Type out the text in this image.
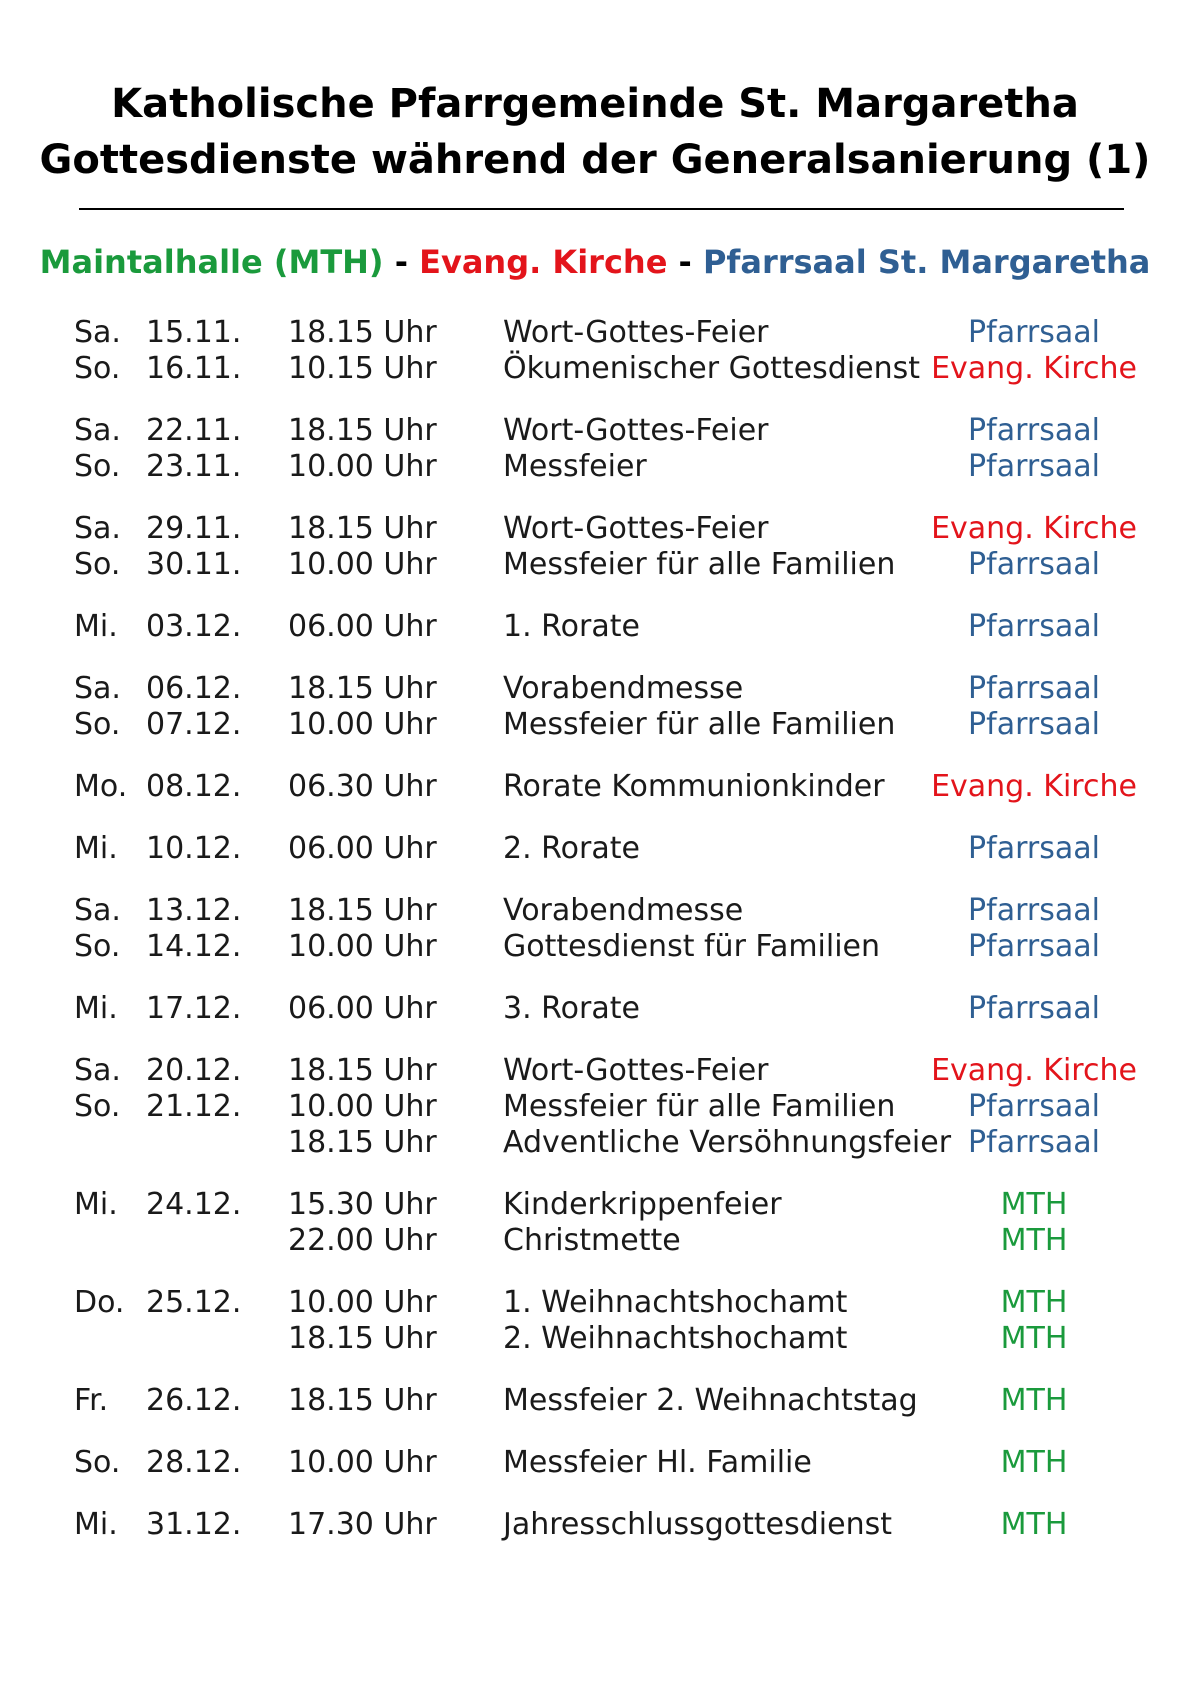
Katholische Pfarrgemeinde St. Margaretha
Gottesdienste während der Generalsanierung (1)
Maintalhalle (MTH) - Evang. Kirche - Pfarrsaal St. Margaretha
Sa. 15.11. 18.15 Uhr Wort-Gottes-Feier	Pfarrsaal
So. 16.11. 10.15 Uhr Ökumenischer Gottesdienst Evang. Kirche
Sa. 22.11. 18.15 Uhr Wort-Gottes-Feier	Pfarrsaal
So. 23.11. 10.00 Uhr Messfeier	Pfarrsaal
Sa. 29.11. 18.15 Uhr Wort-Gottes-Feier	Evang. Kirche
So. 30.11. 10.00 Uhr Messfeier für alle Familien Pfarrsaal
Mi. 03.12. 06.00 Uhr 1. Rorate	Pfarrsaal
Sa. 06.12. 18.15 Uhr Vorabendmesse	Pfarrsaal
So. 07.12. 10.00 Uhr Messfeier für alle Familien Pfarrsaal
Mo. 08.12. 06.30 Uhr Rorate Kommunionkinder Evang. Kirche
Mi. 10.12. 06.00 Uhr 2. Rorate	Pfarrsaal
Sa. 13.12. 18.15 Uhr Vorabendmesse	Pfarrsaal
So. 14.12. 10.00 Uhr Gottesdienst für Familien	Pfarrsaal
Mi. 17.12. 06.00 Uhr 3. Rorate	Pfarrsaal
Sa. 20.12. 18.15 Uhr Wort-Gottes-Feier	Evang. Kirche
So. 21.12. 10.00 Uhr Messfeier für alle Familien Pfarrsaal
18.15 Uhr Adventliche Versöhnungsfeier Pfarrsaal
Mi. 24.12. 15.30 Uhr Kinderkrippenfeier	MTH
22.00 Uhr Christmette	MTH
Do. 25.12. 10.00 Uhr 1. Weihnachtshochamt	MTH
18.15 Uhr 2. Weihnachtshochamt	MTH
Fr. 26.12. 18.15 Uhr Messfeier 2. Weihnachtstag	MTH
So. 28.12. 10.00 Uhr Messfeier Hl. Familie	MTH
Mi. 31.12. 17.30 Uhr Jahresschlussgottesdienst	MTH
